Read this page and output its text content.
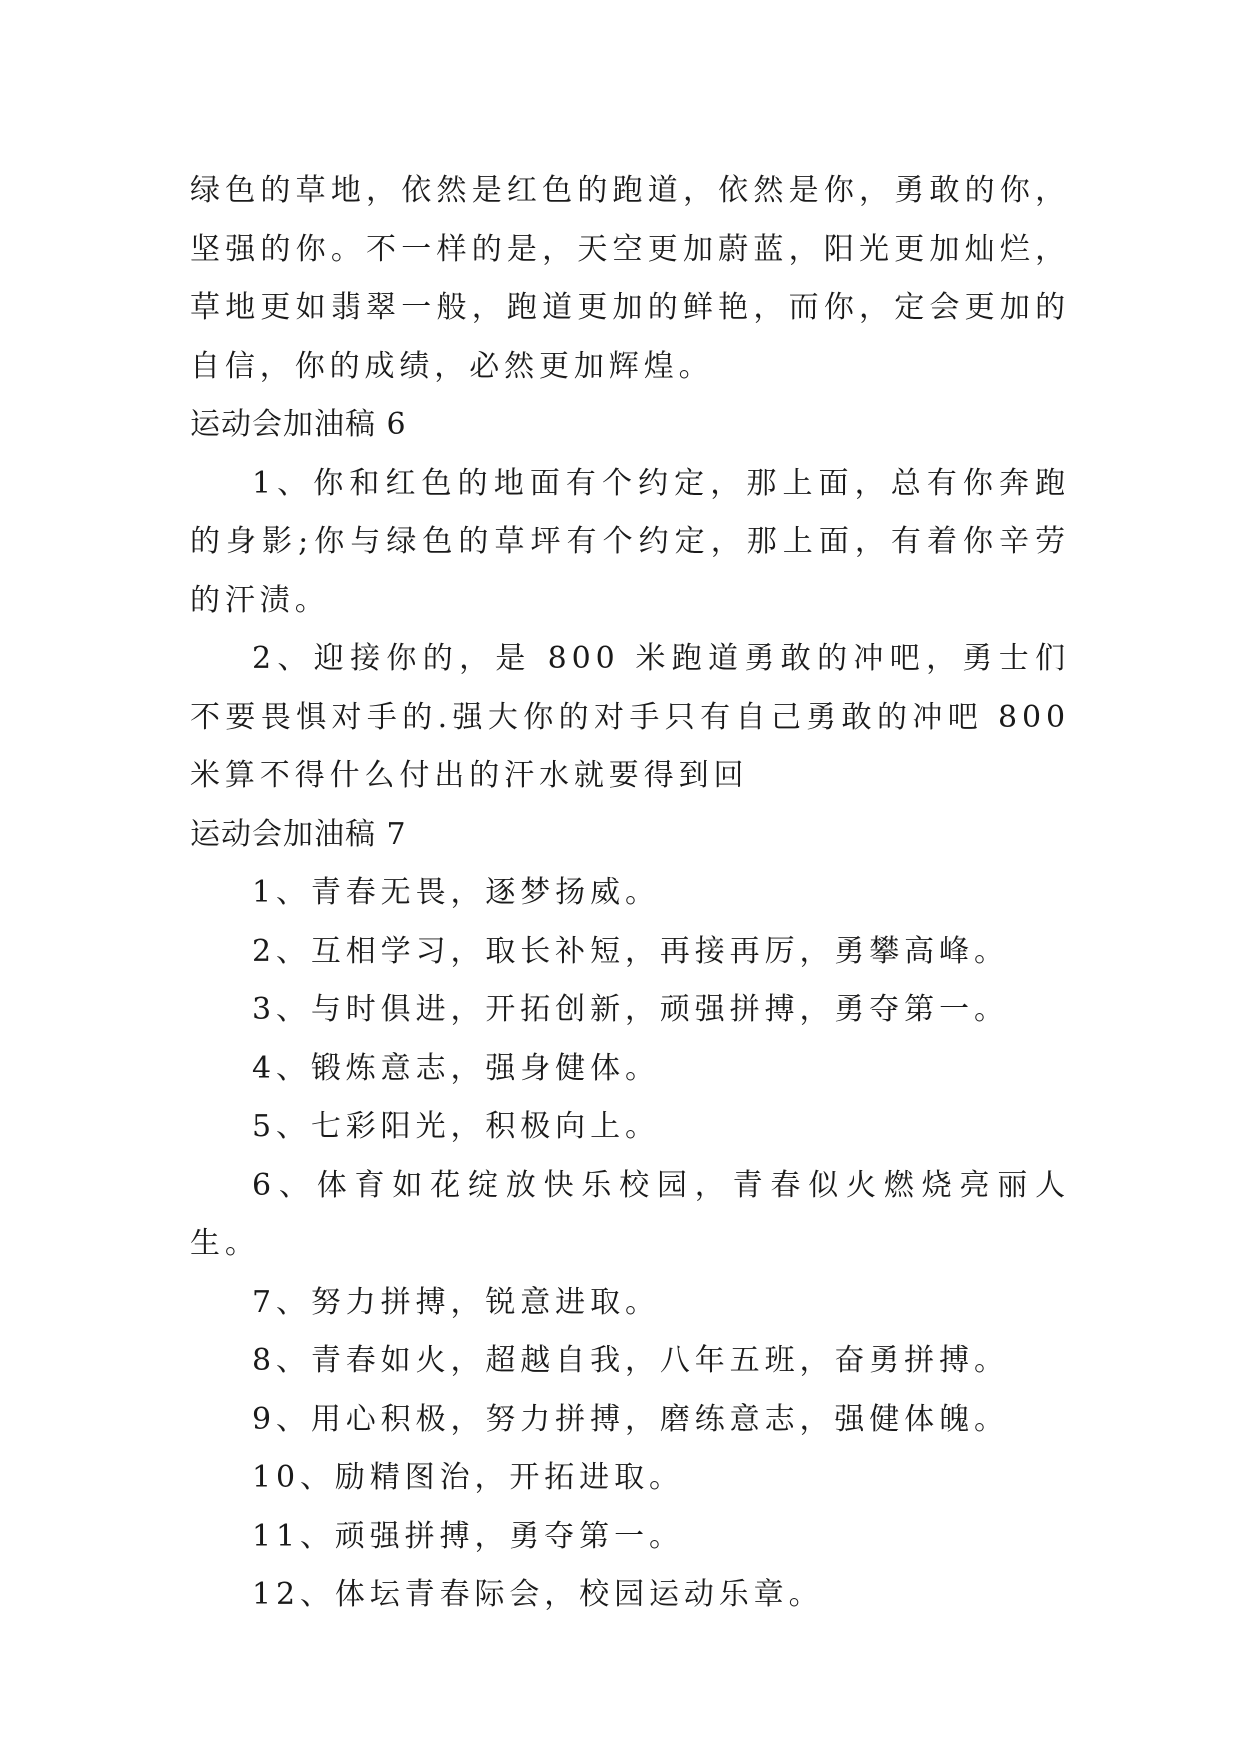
绿色的草地，依然是红色的跑道，依然是你，勇敢的你，坚强的你。不一样的是，天空更加蔚蓝，阳光更加灿烂，草地更如翡翠一般，跑道更加的鲜艳，而你，定会更加的自信，你的成绩，必然更加辉煌。

运动会加油稿 6

1、你和红色的地面有个约定，那上面，总有你奔跑的身影;你与绿色的草坪有个约定，那上面，有着你辛劳的汗渍。

2、迎接你的，是 800 米跑道勇敢的冲吧，勇士们不要畏惧对手的.强大你的对手只有自己勇敢的冲吧 800 米算不得什么付出的汗水就要得到回

运动会加油稿 7

1、青春无畏，逐梦扬威。

2、互相学习，取长补短，再接再厉，勇攀高峰。

3、与时俱进，开拓创新，顽强拼搏，勇夺第一。

4、锻炼意志，强身健体。

5、七彩阳光，积极向上。

6、体育如花绽放快乐校园，青春似火燃烧亮丽人生。

7、努力拼搏，锐意进取。

8、青春如火，超越自我，八年五班，奋勇拼搏。

9、用心积极，努力拼搏，磨练意志，强健体魄。

10、励精图治，开拓进取。

11、顽强拼搏，勇夺第一。

12、体坛青春际会，校园运动乐章。
